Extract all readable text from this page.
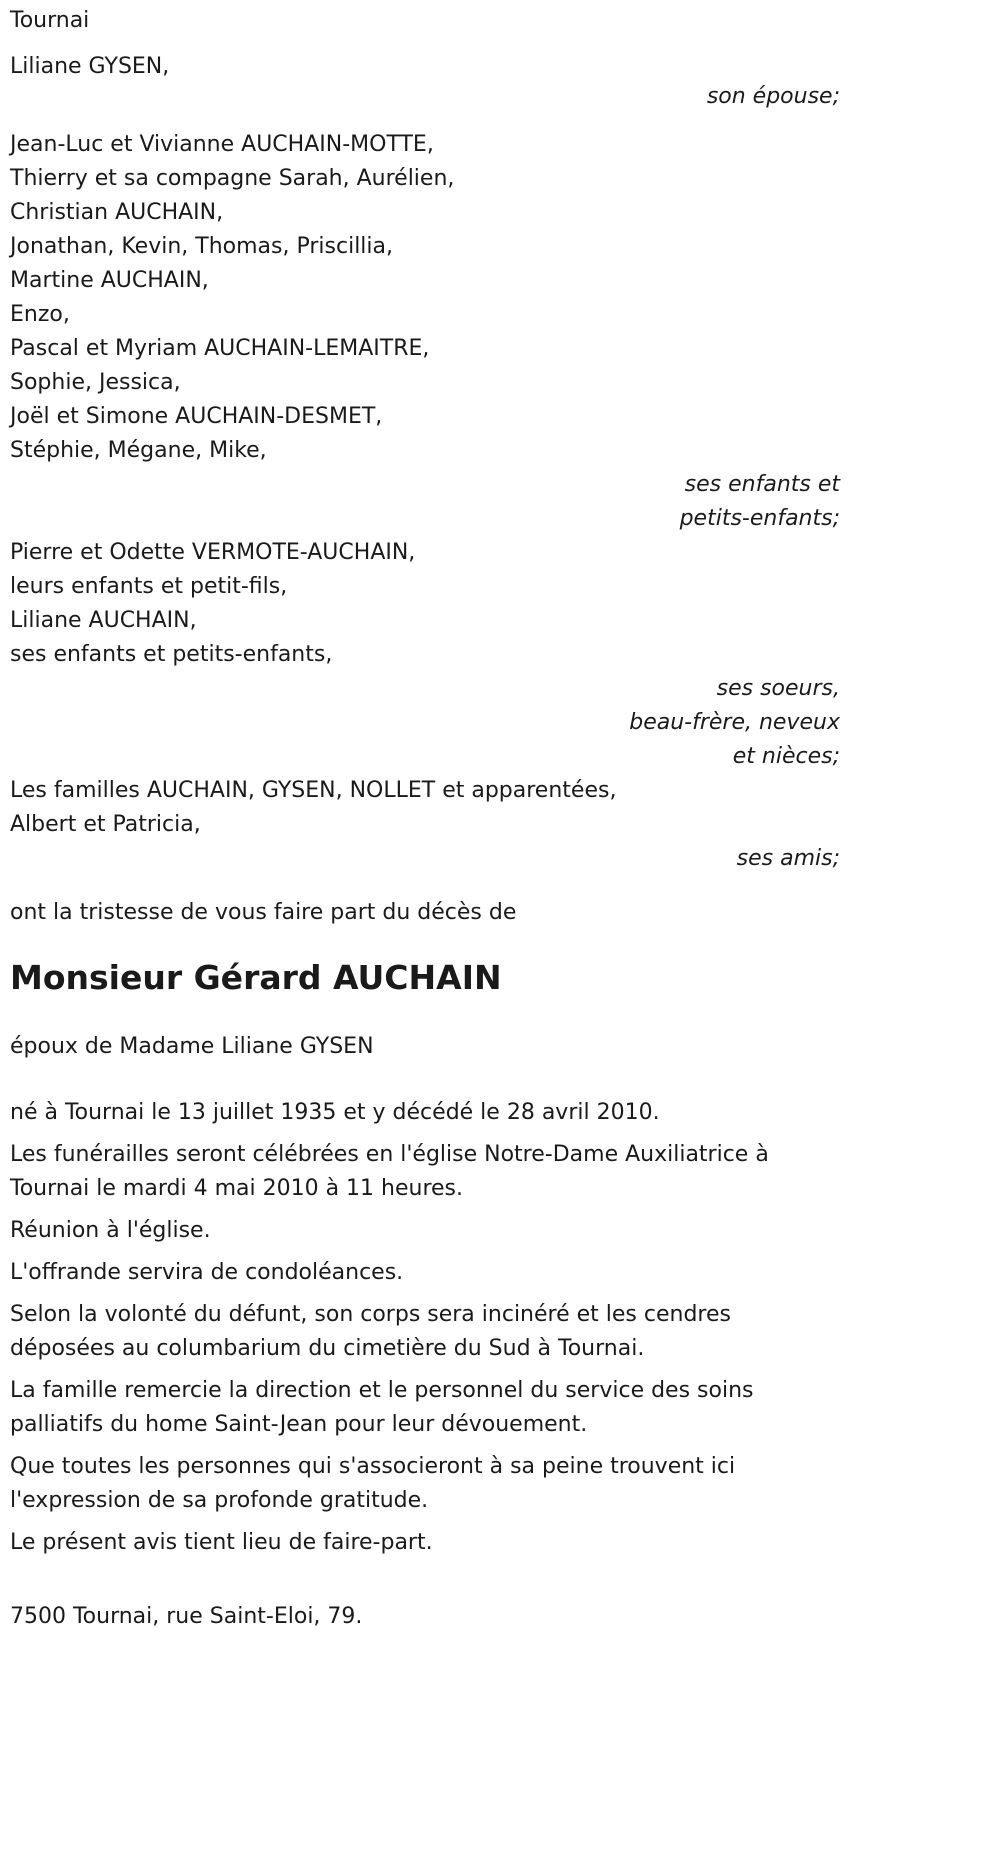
Tournai
Liliane GYSEN,
son épouse;
Jean-Luc et Vivianne AUCHAIN-MOTTE,
Thierry et sa compagne Sarah, Aurélien,
Christian AUCHAIN,
Jonathan, Kevin, Thomas, Priscillia,
Martine AUCHAIN,
Enzo,
Pascal et Myriam AUCHAIN-LEMAITRE,
Sophie, Jessica,
Joël et Simone AUCHAIN-DESMET,
Stéphie, Mégane, Mike,
ses enfants et
petits-enfants;
Pierre et Odette VERMOTE-AUCHAIN,
leurs enfants et petit-fils,
Liliane AUCHAIN,
ses enfants et petits-enfants,
ses soeurs,
beau-frère, neveux
et nièces;
Les familles AUCHAIN, GYSEN, NOLLET et apparentées,
Albert et Patricia,
ses amis;
ont la tristesse de vous faire part du décès de
Monsieur Gérard AUCHAIN
époux de Madame Liliane GYSEN
né à Tournai le 13 juillet 1935 et y décédé le 28 avril 2010.
Les funérailles seront célébrées en l'église Notre-Dame Auxiliatrice à
Tournai le mardi 4 mai 2010 à 11 heures.
Réunion à l'église.
L'offrande servira de condoléances.
Selon la volonté du défunt, son corps sera incinéré et les cendres
déposées au columbarium du cimetière du Sud à Tournai.
La famille remercie la direction et le personnel du service des soins
palliatifs du home Saint-Jean pour leur dévouement.
Que toutes les personnes qui s'associeront à sa peine trouvent ici
l'expression de sa profonde gratitude.
Le présent avis tient lieu de faire-part.
7500 Tournai, rue Saint-Eloi, 79.
